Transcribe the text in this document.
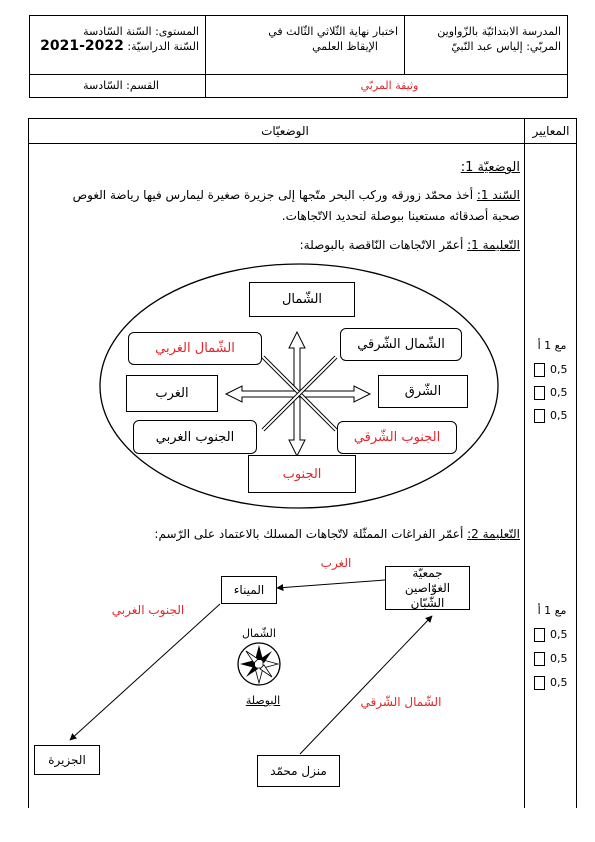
المدرسة الابتدائيّة بالزّواوين
المربّي: إلياس عبد النّبيّ
اختبار نهاية الثّلاثي الثّالث في
الإيقاظ العلمي
المستوى: السّنة السّادسة
السّنة الدراسيّة: 2021-2022
وثيقة المربّي
القسم: السّادسة
الوضعيّات	المعايير
الوضعيّة 1:
السّند 1: أخذ محمّد زورقه وركب البحر متّجها إلى جزيرة صغيرة ليمارس فيها رياضة الغوص
صحبة أصدقائه مستعينا ببوصلة لتحديد الاتّجاهات.
التّعليمة 1: أعمّر الاتّجاهات النّاقصة بالبوصلة:
الشّمال
الشّمال الشّرقي
الشّمال الغربي
الشّرق
الغرب
الجنوب الشّرقي
الجنوب الغربي
الجنوب
التّعليمة 2: أعمّر الفراغات الممثّلة لاتّجاهات المسلك بالاعتماد على الرّسم:
جمعيّة الغوّاصين الشّبّان
الميناء
الجزيرة
منزل محمّد
الغرب
الجنوب الغربي
الشّمال الشّرقي
الشّمال
البوصلة
مع 1 أ
0,5
0,5
0,5
مع 1 أ
0,5
0,5
0,5
